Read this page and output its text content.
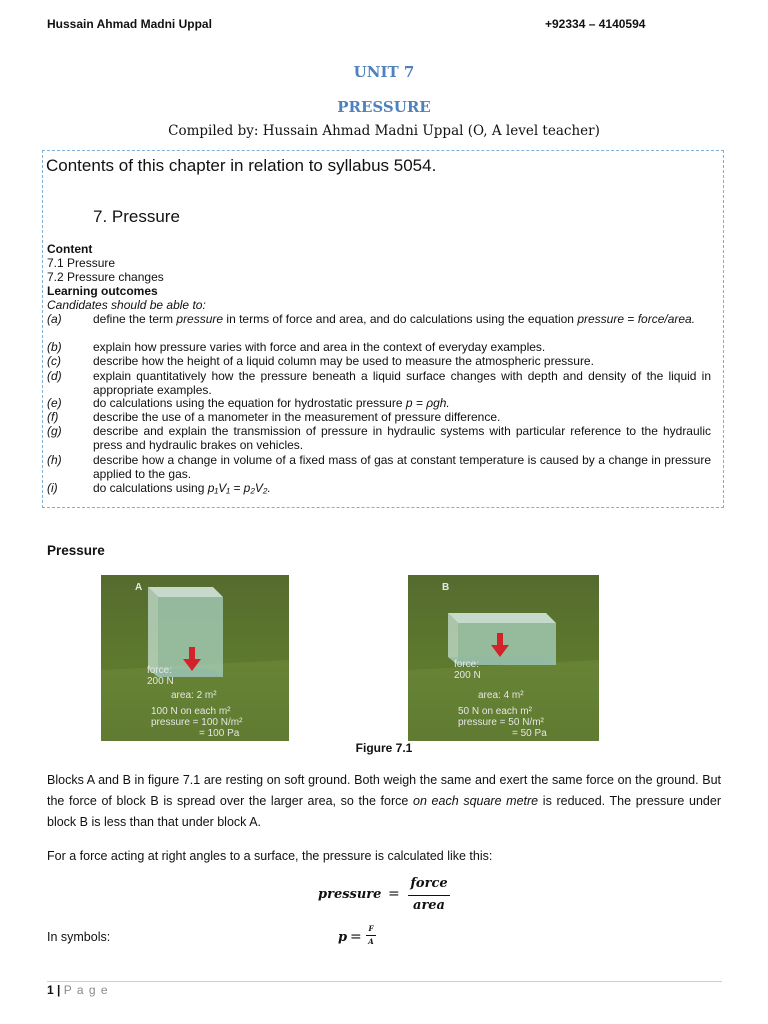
Hussain Ahmad Madni Uppal	+92334 – 4140594
UNIT 7
PRESSURE
Compiled by: Hussain Ahmad Madni Uppal (O, A level teacher)
Contents of this chapter in relation to syllabus 5054.
7. Pressure
Content
7.1 Pressure
7.2 Pressure changes
Learning outcomes
Candidates should be able to:
(a)	define the term pressure in terms of force and area, and do calculations using the equation pressure = force/area.
(b)	explain how pressure varies with force and area in the context of everyday examples.
(c)	describe how the height of a liquid column may be used to measure the atmospheric pressure.
(d)	explain quantitatively how the pressure beneath a liquid surface changes with depth and density of the liquid in appropriate examples.
(e)	do calculations using the equation for hydrostatic pressure p = ρgh.
(f)	describe the use of a manometer in the measurement of pressure difference.
(g)	describe and explain the transmission of pressure in hydraulic systems with particular reference to the hydraulic press and hydraulic brakes on vehicles.
(h)	describe how a change in volume of a fixed mass of gas at constant temperature is caused by a change in pressure applied to the gas.
(i)	do calculations using p₁V₁ = p₂V₂.
Pressure
A
force:
200 N
area: 2 m²
100 N on each m²
pressure = 100 N/m²
= 100 Pa
B
force:
200 N
area: 4 m²
50 N on each m²
pressure = 50 N/m²
= 50 Pa
Figure 7.1
Blocks A and B in figure 7.1 are resting on soft ground. Both weigh the same and exert the same force on the ground. But the force of block B is spread over the larger area, so the force on each square metre is reduced. The pressure under block B is less than that under block A.
For a force acting at right angles to a surface, the pressure is calculated like this:
pressure =
force
area
In symbols:	p =
F
A
1 | P a g e
